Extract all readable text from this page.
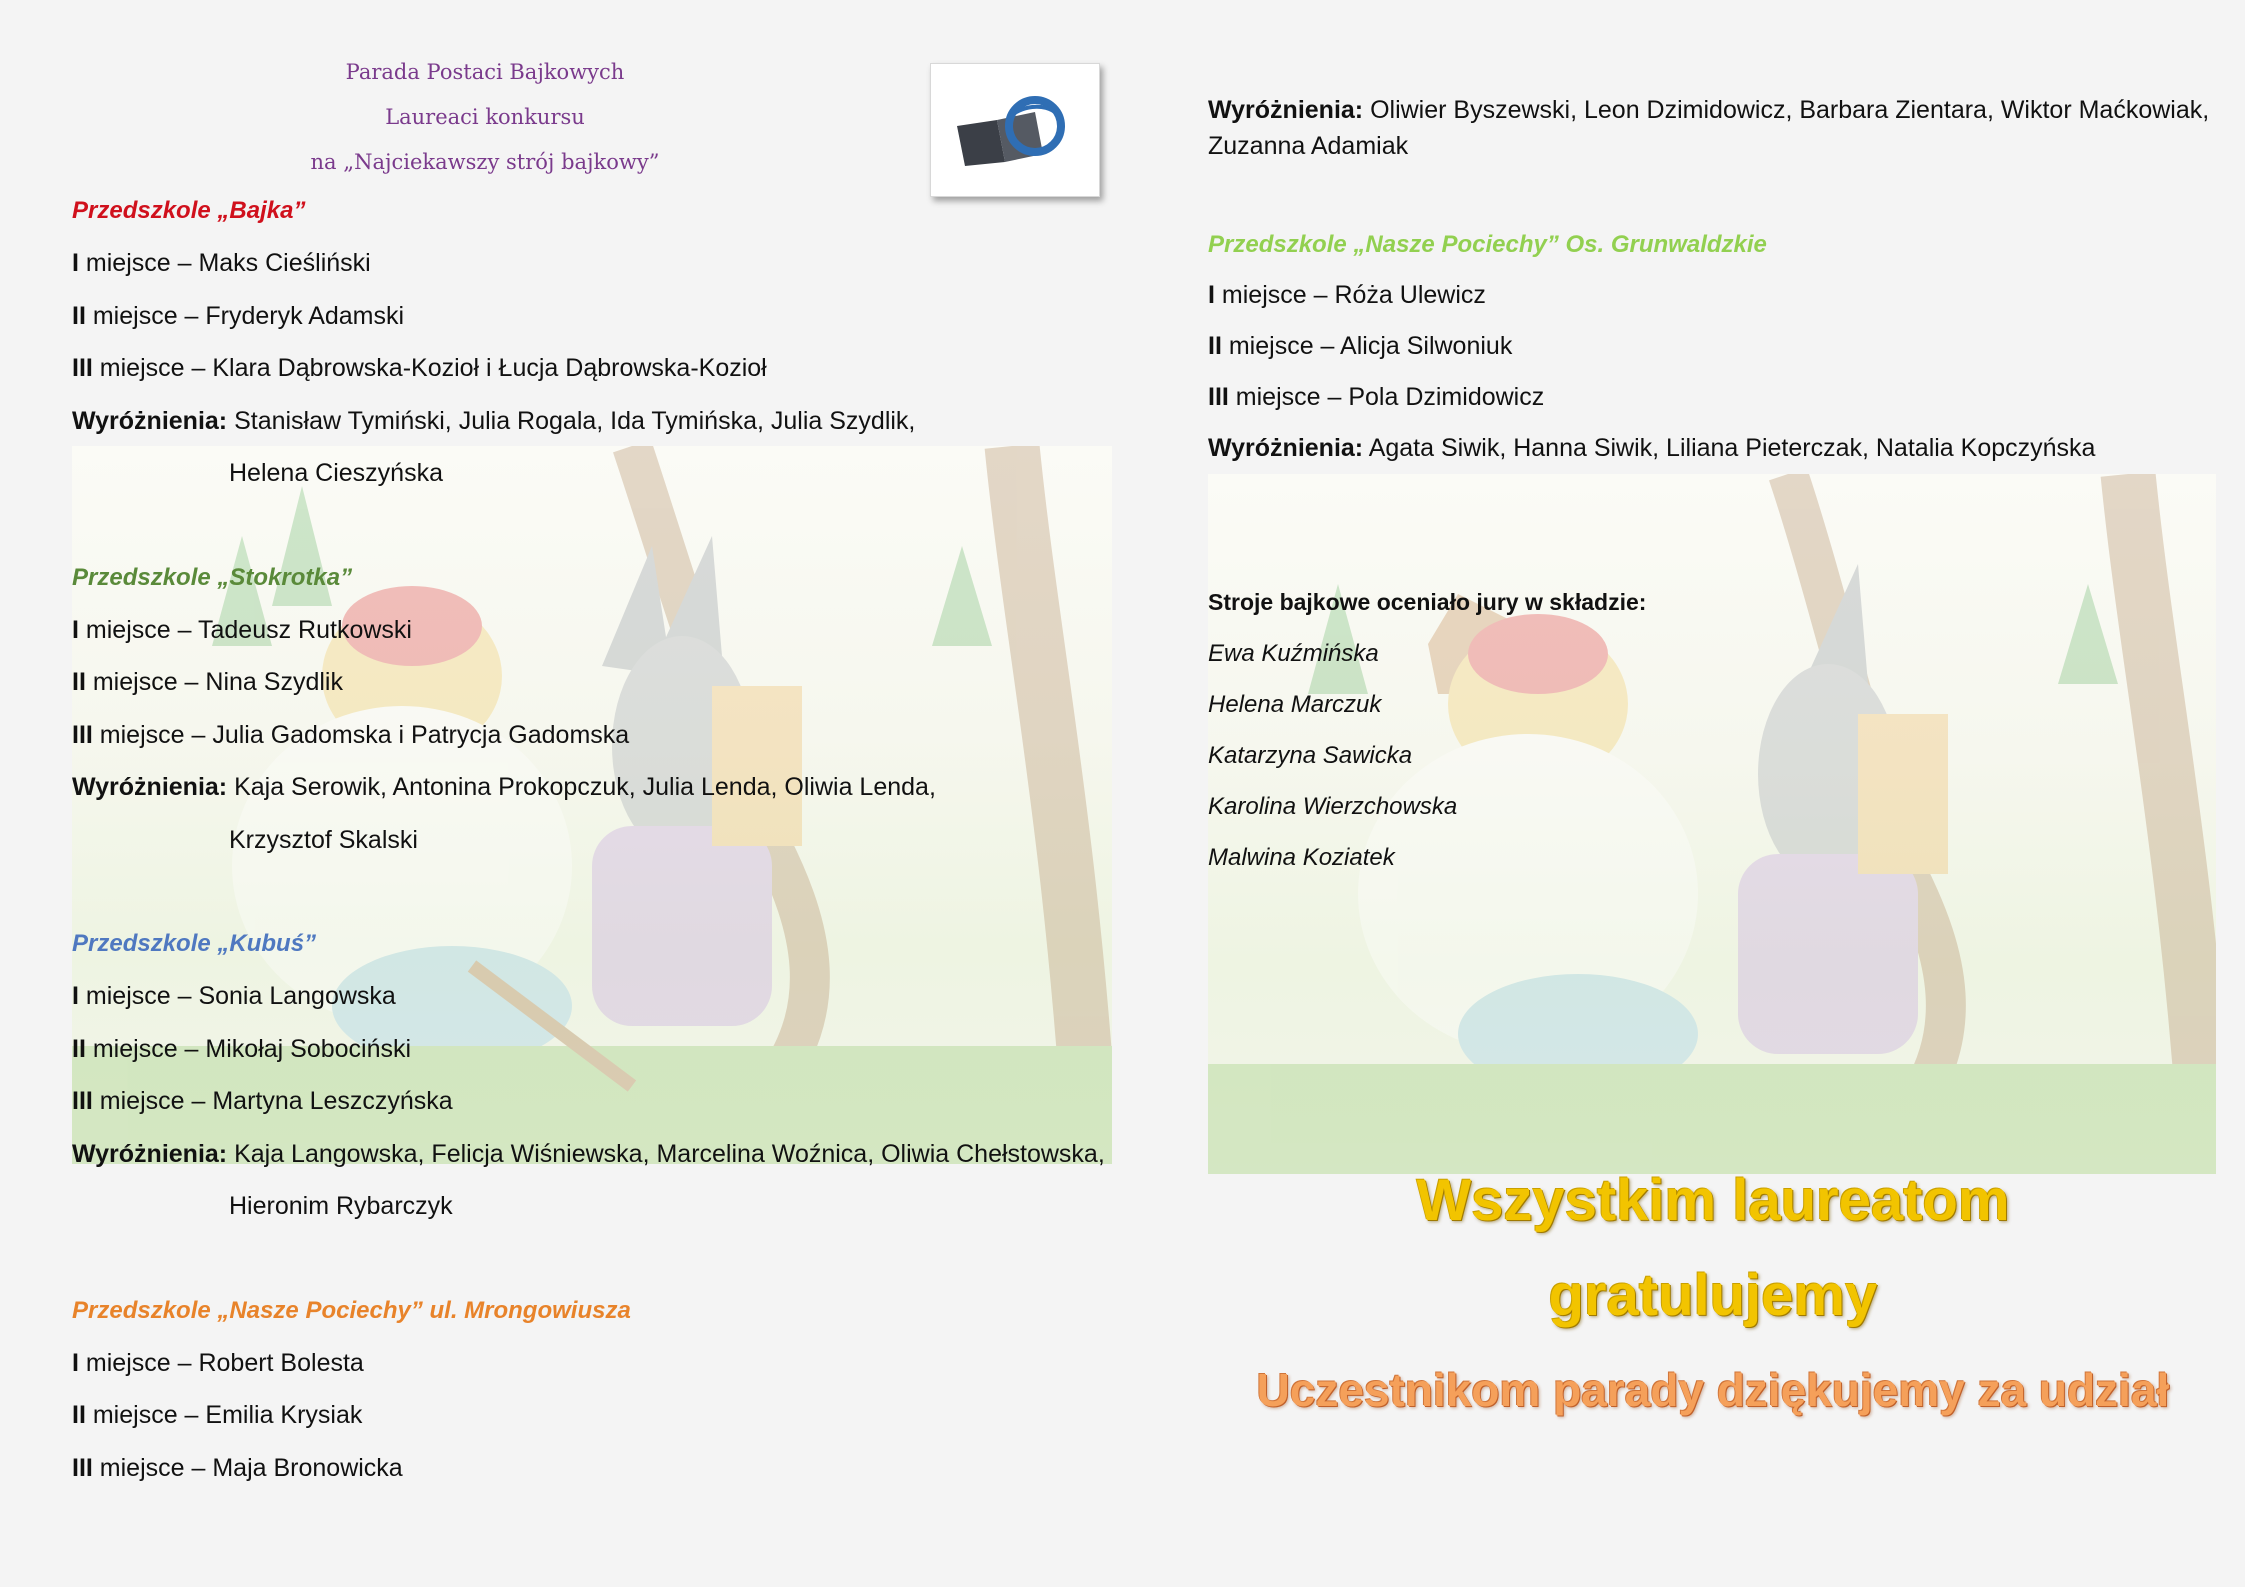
Parada Postaci Bajkowych
Laureaci konkursu
na „Najciekawszy strój bajkowy”
Przedszkole „Bajka”
I miejsce – Maks Cieśliński
II miejsce – Fryderyk Adamski
III miejsce – Klara Dąbrowska-Kozioł i Łucja Dąbrowska-Kozioł
Wyróżnienia: Stanisław Tymiński, Julia Rogala, Ida Tymińska, Julia Szydlik,
Helena Cieszyńska
Przedszkole „Stokrotka”
I miejsce – Tadeusz Rutkowski
II miejsce – Nina Szydlik
III miejsce – Julia Gadomska i Patrycja Gadomska
Wyróżnienia: Kaja Serowik, Antonina Prokopczuk, Julia Lenda, Oliwia Lenda,
Krzysztof Skalski
Przedszkole „Kubuś”
I miejsce – Sonia Langowska
II miejsce – Mikołaj Sobociński
III miejsce – Martyna Leszczyńska
Wyróżnienia: Kaja Langowska, Felicja Wiśniewska, Marcelina Woźnica, Oliwia Chełstowska,
Hieronim Rybarczyk
Przedszkole „Nasze Pociechy” ul. Mrongowiusza
I miejsce – Robert Bolesta
II miejsce – Emilia Krysiak
III miejsce – Maja Bronowicka
Wyróżnienia: Oliwier Byszewski, Leon Dzimidowicz, Barbara Zientara, Wiktor Maćkowiak,
Zuzanna Adamiak
Przedszkole „Nasze Pociechy” Os. Grunwaldzkie
I miejsce – Róża Ulewicz
II miejsce – Alicja Silwoniuk
III miejsce – Pola Dzimidowicz
Wyróżnienia: Agata Siwik, Hanna Siwik, Liliana Pieterczak, Natalia Kopczyńska
Stroje bajkowe oceniało jury w składzie:
Ewa Kuźmińska
Helena Marczuk
Katarzyna Sawicka
Karolina Wierzchowska
Malwina Koziatek
Wszystkim laureatom
gratulujemy
Uczestnikom parady dziękujemy za udział
